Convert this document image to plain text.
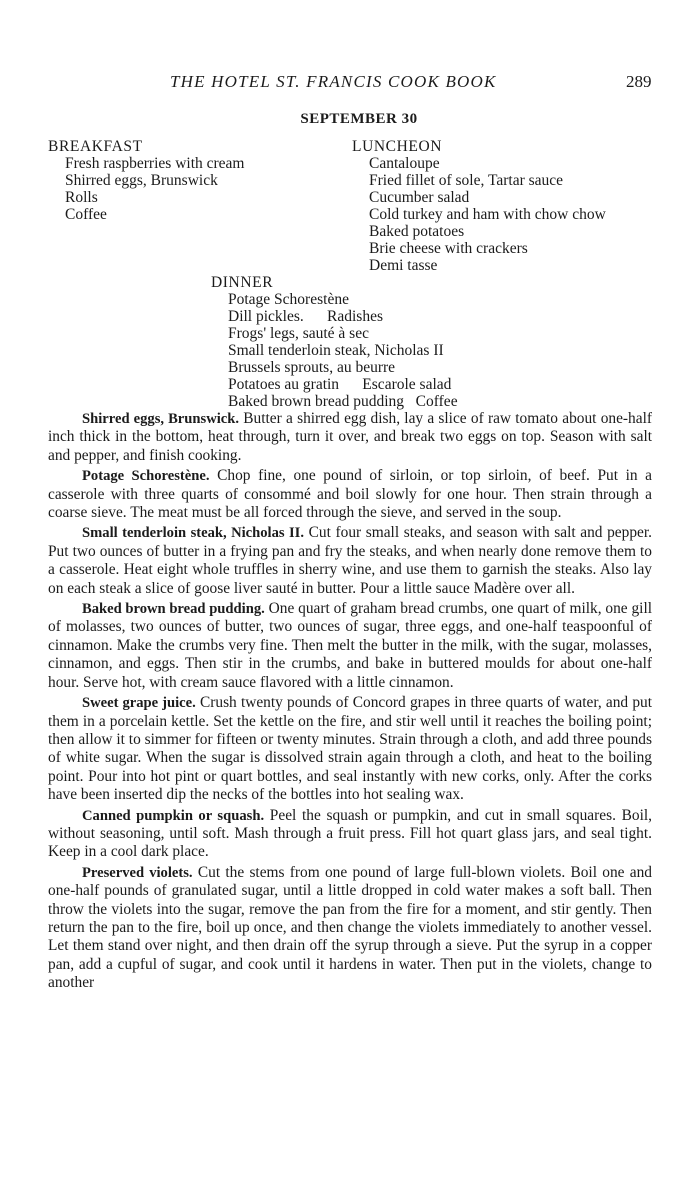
THE HOTEL ST. FRANCIS COOK BOOK	289
SEPTEMBER 30
BREAKFAST
Fresh raspberries with cream
Shirred eggs, Brunswick
Rolls
Coffee
LUNCHEON
Cantaloupe
Fried fillet of sole, Tartar sauce
Cucumber salad
Cold turkey and ham with chow chow
Baked potatoes
Brie cheese with crackers
Demi tasse
DINNER
Potage Schorestène
Dill pickles.      Radishes
Frogs' legs, sauté à sec
Small tenderloin steak, Nicholas II
Brussels sprouts, au beurre
Potatoes au gratin      Escarole salad
Baked brown bread pudding   Coffee

Shirred eggs, Brunswick. Butter a shirred egg dish, lay a slice of raw tomato about one-half inch thick in the bottom, heat through, turn it over, and break two eggs on top. Season with salt and pepper, and finish cooking.

Potage Schorestène. Chop fine, one pound of sirloin, or top sirloin, of beef. Put in a casserole with three quarts of consommé and boil slowly for one hour. Then strain through a coarse sieve. The meat must be all forced through the sieve, and served in the soup.

Small tenderloin steak, Nicholas II. Cut four small steaks, and season with salt and pepper. Put two ounces of butter in a frying pan and fry the steaks, and when nearly done remove them to a casserole. Heat eight whole truffles in sherry wine, and use them to garnish the steaks. Also lay on each steak a slice of goose liver sauté in butter. Pour a little sauce Madère over all.

Baked brown bread pudding. One quart of graham bread crumbs, one quart of milk, one gill of molasses, two ounces of butter, two ounces of sugar, three eggs, and one-half teaspoonful of cinnamon. Make the crumbs very fine. Then melt the butter in the milk, with the sugar, molasses, cinnamon, and eggs. Then stir in the crumbs, and bake in buttered moulds for about one-half hour. Serve hot, with cream sauce flavored with a little cinnamon.

Sweet grape juice. Crush twenty pounds of Concord grapes in three quarts of water, and put them in a porcelain kettle. Set the kettle on the fire, and stir well until it reaches the boiling point; then allow it to simmer for fifteen or twenty minutes. Strain through a cloth, and add three pounds of white sugar. When the sugar is dissolved strain again through a cloth, and heat to the boiling point. Pour into hot pint or quart bottles, and seal instantly with new corks, only. After the corks have been inserted dip the necks of the bottles into hot sealing wax.

Canned pumpkin or squash. Peel the squash or pumpkin, and cut in small squares. Boil, without seasoning, until soft. Mash through a fruit press. Fill hot quart glass jars, and seal tight. Keep in a cool dark place.

Preserved violets. Cut the stems from one pound of large full-blown violets. Boil one and one-half pounds of granulated sugar, until a little dropped in cold water makes a soft ball. Then throw the violets into the sugar, remove the pan from the fire for a moment, and stir gently. Then return the pan to the fire, boil up once, and then change the violets immediately to another vessel. Let them stand over night, and then drain off the syrup through a sieve. Put the syrup in a copper pan, add a cupful of sugar, and cook until it hardens in water. Then put in the violets, change to another
